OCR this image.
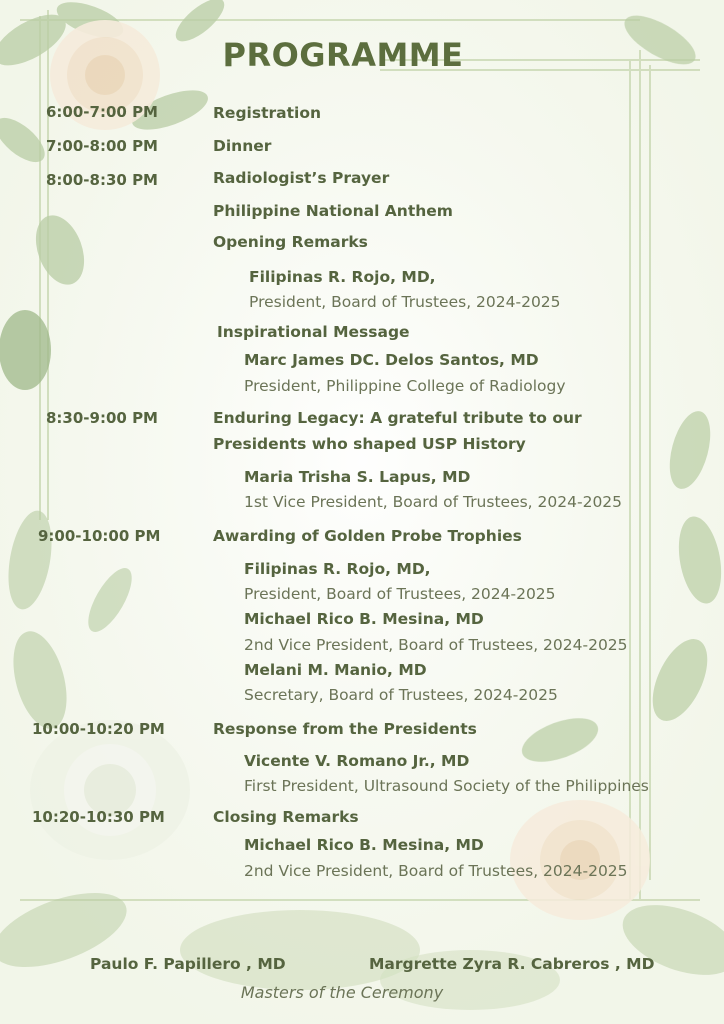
PROGRAMME
6:00-7:00 PM	Registration
7:00-8:00 PM	Dinner
8:00-8:30 PM	Radiologist’s Prayer
Philippine National Anthem
Opening Remarks
Filipinas R. Rojo, MD,
President, Board of Trustees, 2024-2025
Inspirational Message
Marc James DC. Delos Santos, MD
President, Philippine College of Radiology
8:30-9:00 PM	Enduring Legacy: A grateful tribute to our
Presidents who shaped USP History
Maria Trisha S. Lapus, MD
1st Vice President, Board of Trustees, 2024-2025
9:00-10:00 PM	Awarding of Golden Probe Trophies
Filipinas R. Rojo, MD,
President, Board of Trustees, 2024-2025
Michael Rico B. Mesina, MD
2nd Vice President, Board of Trustees, 2024-2025
Melani M. Manio, MD
Secretary, Board of Trustees, 2024-2025
10:00-10:20 PM	Response from the Presidents
Vicente V. Romano Jr., MD
First President, Ultrasound Society of the Philippines
10:20-10:30 PM	Closing Remarks
Michael Rico B. Mesina, MD
2nd Vice President, Board of Trustees, 2024-2025
Paulo F. Papillero , MD	Margrette Zyra R. Cabreros , MD
Masters of the Ceremony
